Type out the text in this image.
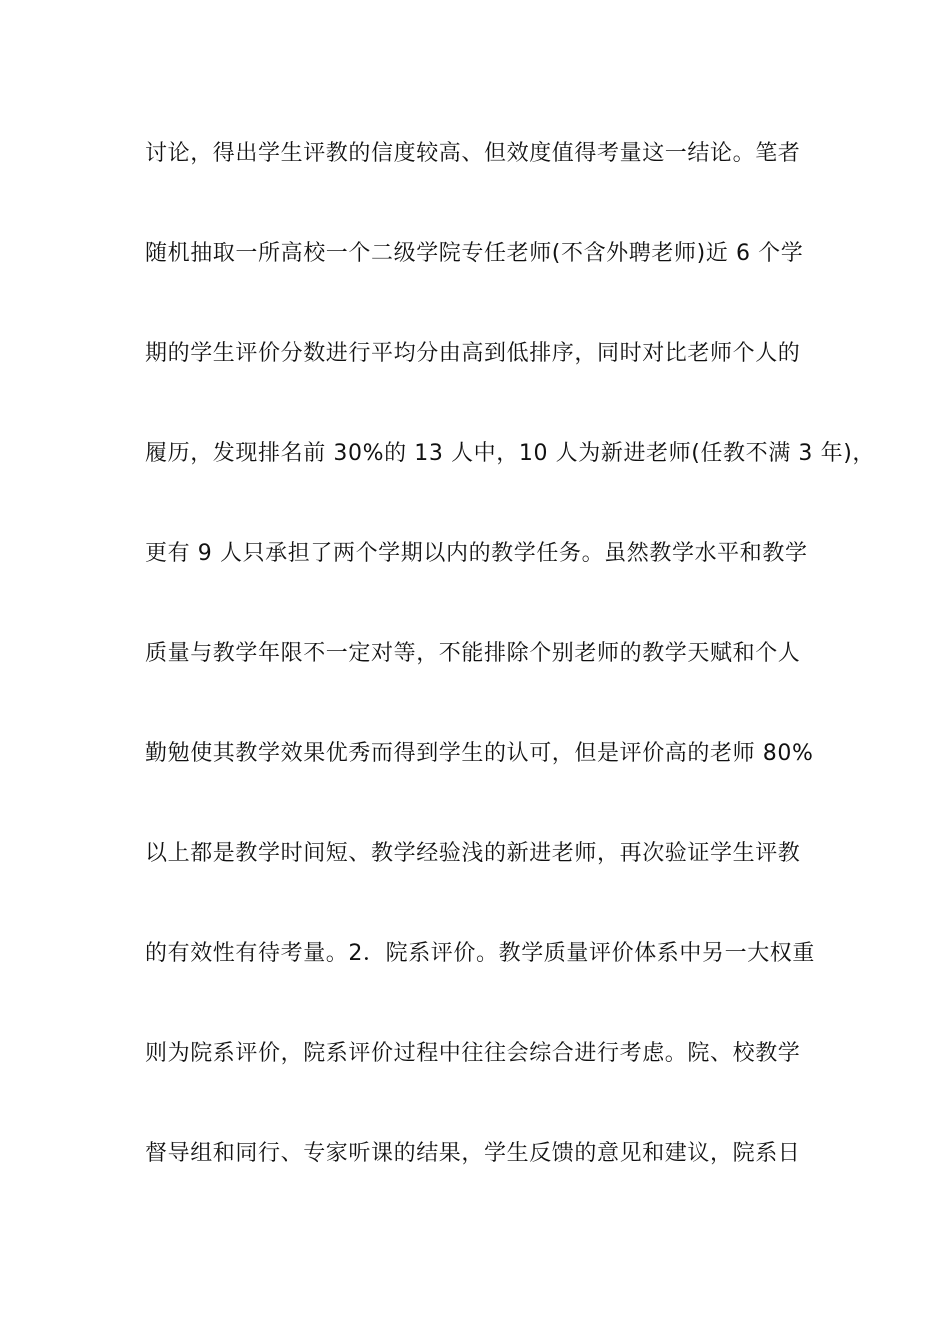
讨论，得出学生评教的信度较高、但效度值得考量这一结论。笔者
随机抽取一所高校一个二级学院专任老师(不含外聘老师)近 6 个学
期的学生评价分数进行平均分由高到低排序，同时对比老师个人的
履历，发现排名前 30%的 13 人中，10 人为新进老师(任教不满 3 年)，
更有 9 人只承担了两个学期以内的教学任务。虽然教学水平和教学
质量与教学年限不一定对等，不能排除个别老师的教学天赋和个人
勤勉使其教学效果优秀而得到学生的认可，但是评价高的老师 80%
以上都是教学时间短、教学经验浅的新进老师，再次验证学生评教
的有效性有待考量。2．院系评价。教学质量评价体系中另一大权重
则为院系评价，院系评价过程中往往会综合进行考虑。院、校教学
督导组和同行、专家听课的结果，学生反馈的意见和建议，院系日
